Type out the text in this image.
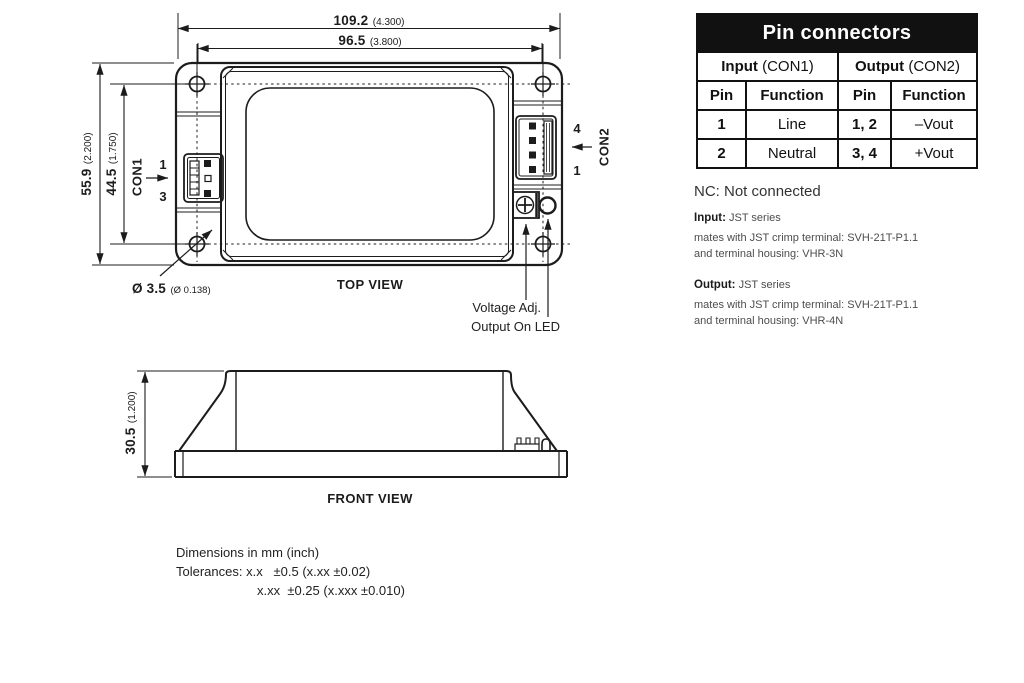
109.2 (4.300)
96.5 (3.800)
55.9 (2.200)
44.5 (1.750)
CON1 1
3
CON2
4
1
Ø 3.5 (Ø 0.138)	TOP VIEW
Voltage Adj.
Output On LED
30.5 (1.200)
FRONT VIEW
Dimensions in mm (inch)
Tolerances: x.x   ±0.5 (x.xx ±0.02)
x.xx  ±0.25 (x.xxx ±0.010)
Pin connectors			
Input (CON1)		Output (CON2)	
Pin	Function	Pin	Function
1	Line	1, 2	–Vout
2	Neutral	3, 4	+Vout
NC: Not connected
Input: JST series
mates with JST crimp terminal: SVH-21T-P1.1
and terminal housing: VHR-3N
Output: JST series
mates with JST crimp terminal: SVH-21T-P1.1
and terminal housing: VHR-4N
